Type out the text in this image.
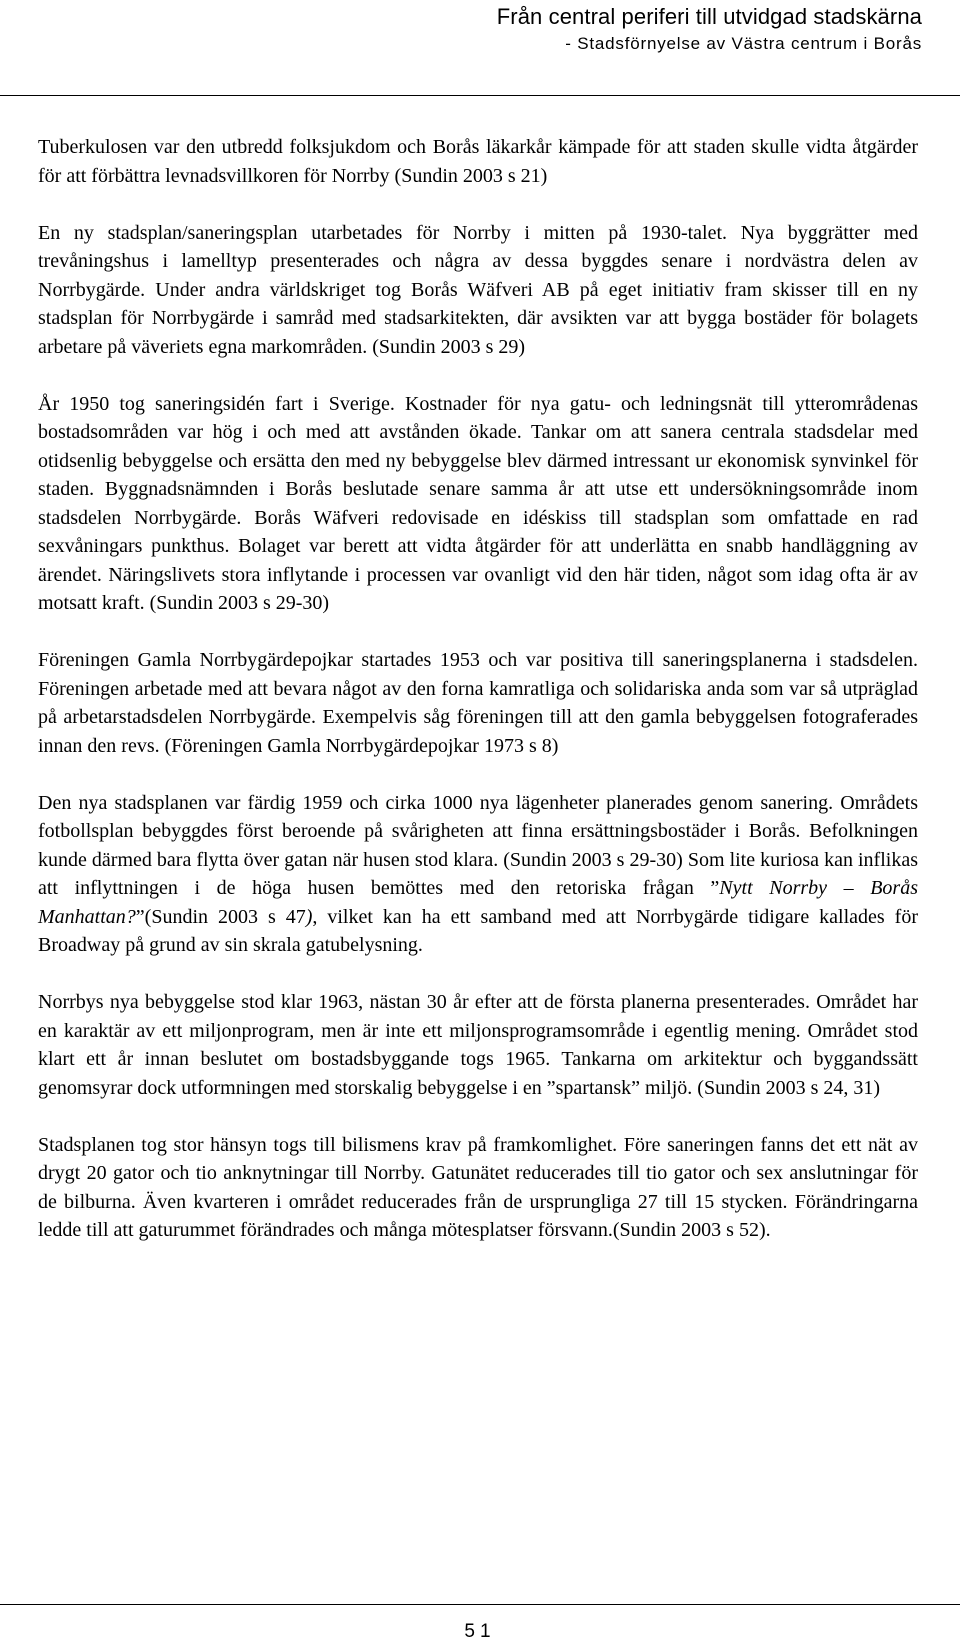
Från central periferi till utvidgad stadskärna
- Stadsförnyelse av Västra centrum i Borås

Tuberkulosen var den utbredd folksjukdom och Borås läkarkår kämpade för att staden skulle vidta åtgärder för att förbättra levnadsvillkoren för Norrby (Sundin 2003 s 21)

En ny stadsplan/saneringsplan utarbetades för Norrby i mitten på 1930-talet. Nya byggrätter med trevåningshus i lamelltyp presenterades och några av dessa byggdes senare i nordvästra delen av Norrbygärde. Under andra världskriget tog Borås Wäfveri AB på eget initiativ fram skisser till en ny stadsplan för Norrbygärde i samråd med stadsarkitekten, där avsikten var att bygga bostäder för bolagets arbetare på väveriets egna markområden. (Sundin 2003 s 29)

År 1950 tog saneringsidén fart i Sverige. Kostnader för nya gatu- och ledningsnät till ytterområdenas bostadsområden var hög i och med att avstånden ökade. Tankar om att sanera centrala stadsdelar med otidsenlig bebyggelse och ersätta den med ny bebyggelse blev därmed intressant ur ekonomisk synvinkel för staden. Byggnadsnämnden i Borås beslutade senare samma år att utse ett undersökningsområde inom stadsdelen Norrbygärde. Borås Wäfveri redovisade en idéskiss till stadsplan som omfattade en rad sexvåningars punkthus. Bolaget var berett att vidta åtgärder för att underlätta en snabb handläggning av ärendet. Näringslivets stora inflytande i processen var ovanligt vid den här tiden, något som idag ofta är av motsatt kraft. (Sundin 2003 s 29-30)

Föreningen Gamla Norrbygärdepojkar startades 1953 och var positiva till saneringsplanerna i stadsdelen. Föreningen arbetade med att bevara något av den forna kamratliga och solidariska anda som var så utpräglad på arbetarstadsdelen Norrbygärde. Exempelvis såg föreningen till att den gamla bebyggelsen fotograferades innan den revs. (Föreningen Gamla Norrbygärdepojkar 1973 s 8)

Den nya stadsplanen var färdig 1959 och cirka 1000 nya lägenheter planerades genom sanering. Områdets fotbollsplan bebyggdes först beroende på svårigheten att finna ersättningsbostäder i Borås. Befolkningen kunde därmed bara flytta över gatan när husen stod klara. (Sundin 2003 s 29-30) Som lite kuriosa kan inflikas att inflyttningen i de höga husen bemöttes med den retoriska frågan ”Nytt Norrby – Borås Manhattan?”(Sundin 2003 s 47), vilket kan ha ett samband med att Norrbygärde tidigare kallades för Broadway på grund av sin skrala gatubelysning.

Norrbys nya bebyggelse stod klar 1963, nästan 30 år efter att de första planerna presenterades. Området har en karaktär av ett miljonprogram, men är inte ett miljonsprogramsområde i egentlig mening. Området stod klart ett år innan beslutet om bostadsbyggande togs 1965. Tankarna om arkitektur och byggandssätt genomsyrar dock utformningen med storskalig bebyggelse i en ”spartansk” miljö. (Sundin 2003 s 24, 31)

Stadsplanen tog stor hänsyn togs till bilismens krav på framkomlighet. Före saneringen fanns det ett nät av drygt 20 gator och tio anknytningar till Norrby. Gatunätet reducerades till tio gator och sex anslutningar för de bilburna. Även kvarteren i området reducerades från de ursprungliga 27 till 15 stycken. Förändringarna ledde till att gaturummet förändrades och många mötesplatser försvann.(Sundin 2003 s 52).

51
